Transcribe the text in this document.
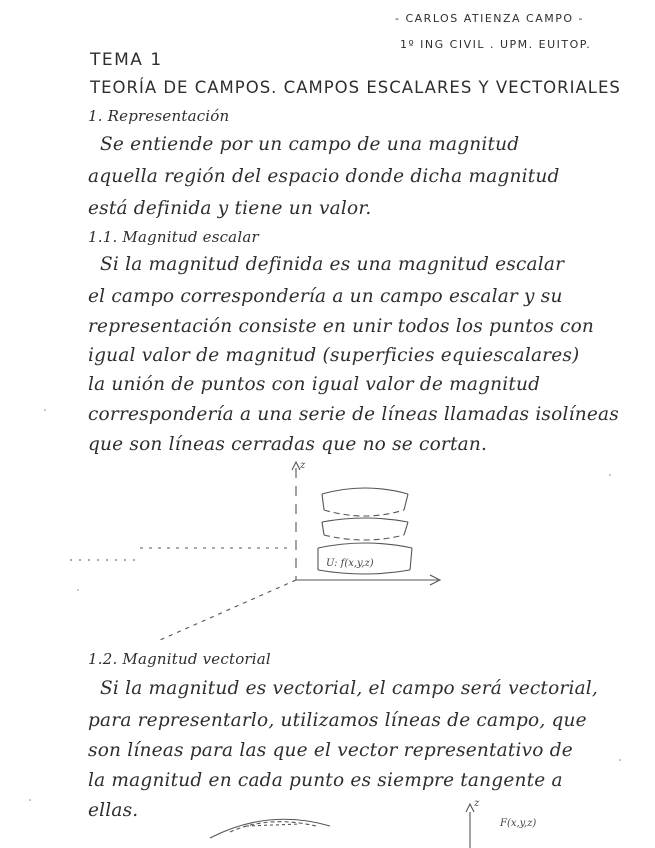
- CARLOS ATIENZA CAMPO -
1º ING CIVIL . UPM. EUITOP.
TEMA 1
TEORÍA DE CAMPOS. CAMPOS ESCALARES Y VECTORIALES
1. Representación
Se entiende por un campo de una magnitud
aquella región del espacio donde dicha magnitud
está definida y tiene un valor.
1.1. Magnitud escalar
Si la magnitud definida es una magnitud escalar
el campo correspondería a un campo escalar y su
representación consiste en unir todos los puntos con
igual valor de magnitud (superficies equiescalares)
la unión de puntos con igual valor de magnitud
correspondería a una serie de líneas llamadas isolíneas
que son líneas cerradas que no se cortan.
1.2. Magnitud vectorial
Si la magnitud es vectorial, el campo será vectorial,
para representarlo, utilizamos líneas de campo, que
son líneas para las que el vector representativo de
la magnitud en cada punto es siempre tangente a
ellas.
z
U: f(x,y,z)
z
F(x,y,z)
